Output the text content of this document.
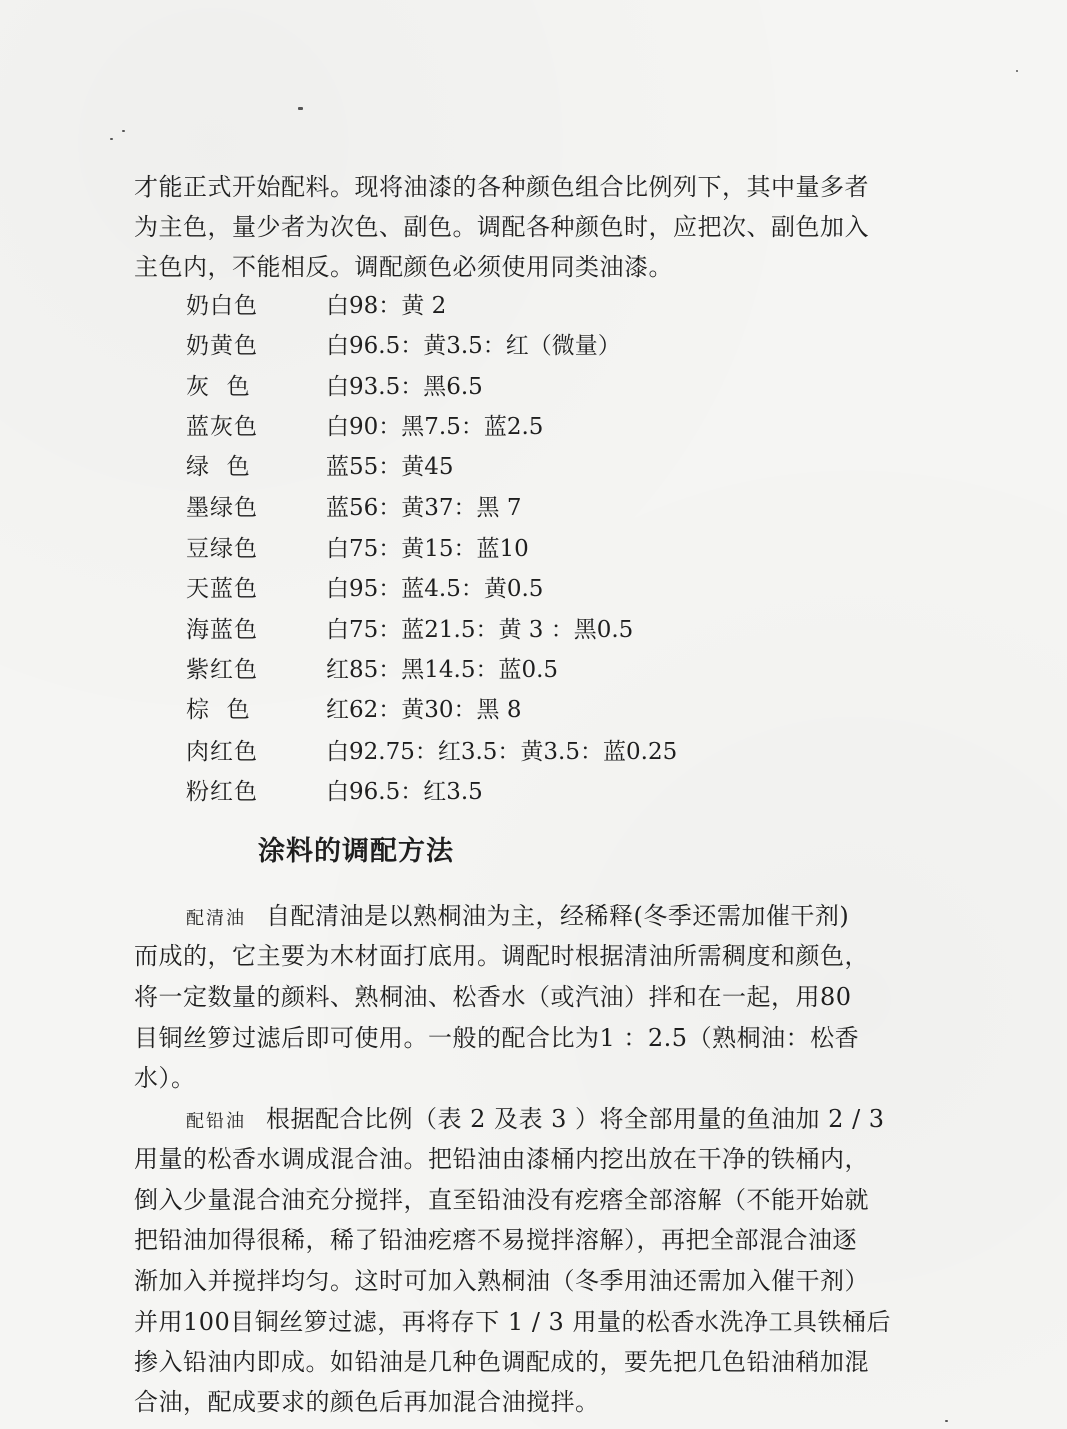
才能正式开始配料。现将油漆的各种颜色组合比例列下，其中量多者
为主色，量少者为次色、副色。调配各种颜色时，应把次、副色加入
主色内，不能相反。调配颜色必须使用同类油漆。
奶白色	白98：黄 2
奶黄色	白96.5：黄3.5：红（微量）
灰  色	白93.5：黑6.5
蓝灰色	白90：黑7.5：蓝2.5
绿  色	蓝55：黄45
墨绿色	蓝56：黄37：黑 7
豆绿色	白75：黄15：蓝10
天蓝色	白95：蓝4.5：黄0.5
海蓝色	白75：蓝21.5：黄 3 ：黑0.5
紫红色	红85：黑14.5：蓝0.5
棕  色	红62：黄30：黑 8
肉红色	白92.75：红3.5：黄3.5：蓝0.25
粉红色	白96.5：红3.5
涂料的调配方法
配清油 自配清油是以熟桐油为主，经稀释(冬季还需加催干剂)
而成的，它主要为木材面打底用。调配时根据清油所需稠度和颜色，
将一定数量的颜料、熟桐油、松香水（或汽油）拌和在一起，用80
目铜丝箩过滤后即可使用。一般的配合比为1 ：2.5（熟桐油：松香
水）。
配铅油 根据配合比例（表 2 及表 3 ）将全部用量的鱼油加 2 / 3
用量的松香水调成混合油。把铅油由漆桶内挖出放在干净的铁桶内，
倒入少量混合油充分搅拌，直至铅油没有疙瘩全部溶解（不能开始就
把铅油加得很稀，稀了铅油疙瘩不易搅拌溶解），再把全部混合油逐
渐加入并搅拌均匀。这时可加入熟桐油（冬季用油还需加入催干剂）
并用100目铜丝箩过滤，再将存下 1 / 3 用量的松香水洗净工具铁桶后
掺入铅油内即成。如铅油是几种色调配成的，要先把几色铅油稍加混
合油，配成要求的颜色后再加混合油搅拌。
